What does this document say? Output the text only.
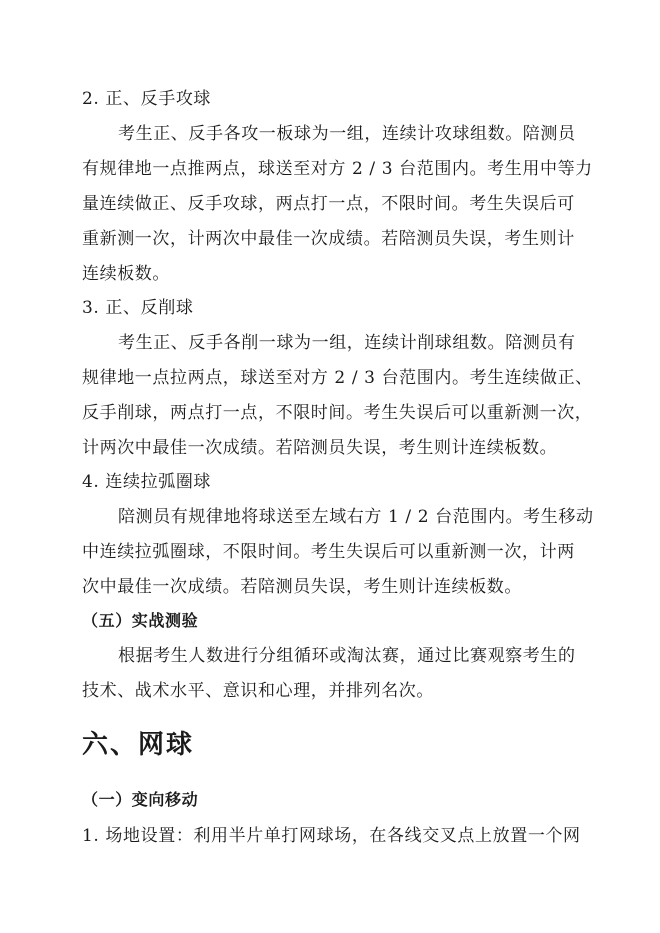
2. 正、反手攻球
考生正、反手各攻一板球为一组，连续计攻球组数。陪测员
有规律地一点推两点，球送至对方 2 / 3 台范围内。考生用中等力
量连续做正、反手攻球，两点打一点，不限时间。考生失误后可
重新测一次，计两次中最佳一次成绩。若陪测员失误，考生则计
连续板数。
3. 正、反削球
考生正、反手各削一球为一组，连续计削球组数。陪测员有
规律地一点拉两点，球送至对方 2 / 3 台范围内。考生连续做正、
反手削球，两点打一点，不限时间。考生失误后可以重新测一次，
计两次中最佳一次成绩。若陪测员失误，考生则计连续板数。
4. 连续拉弧圈球
陪测员有规律地将球送至左域右方 1 / 2 台范围内。考生移动
中连续拉弧圈球，不限时间。考生失误后可以重新测一次，计两
次中最佳一次成绩。若陪测员失误，考生则计连续板数。
（五）实战测验
根据考生人数进行分组循环或淘汰赛，通过比赛观察考生的
技术、战术水平、意识和心理，并排列名次。
六、网球
（一）变向移动
1. 场地设置：利用半片单打网球场，在各线交叉点上放置一个网
